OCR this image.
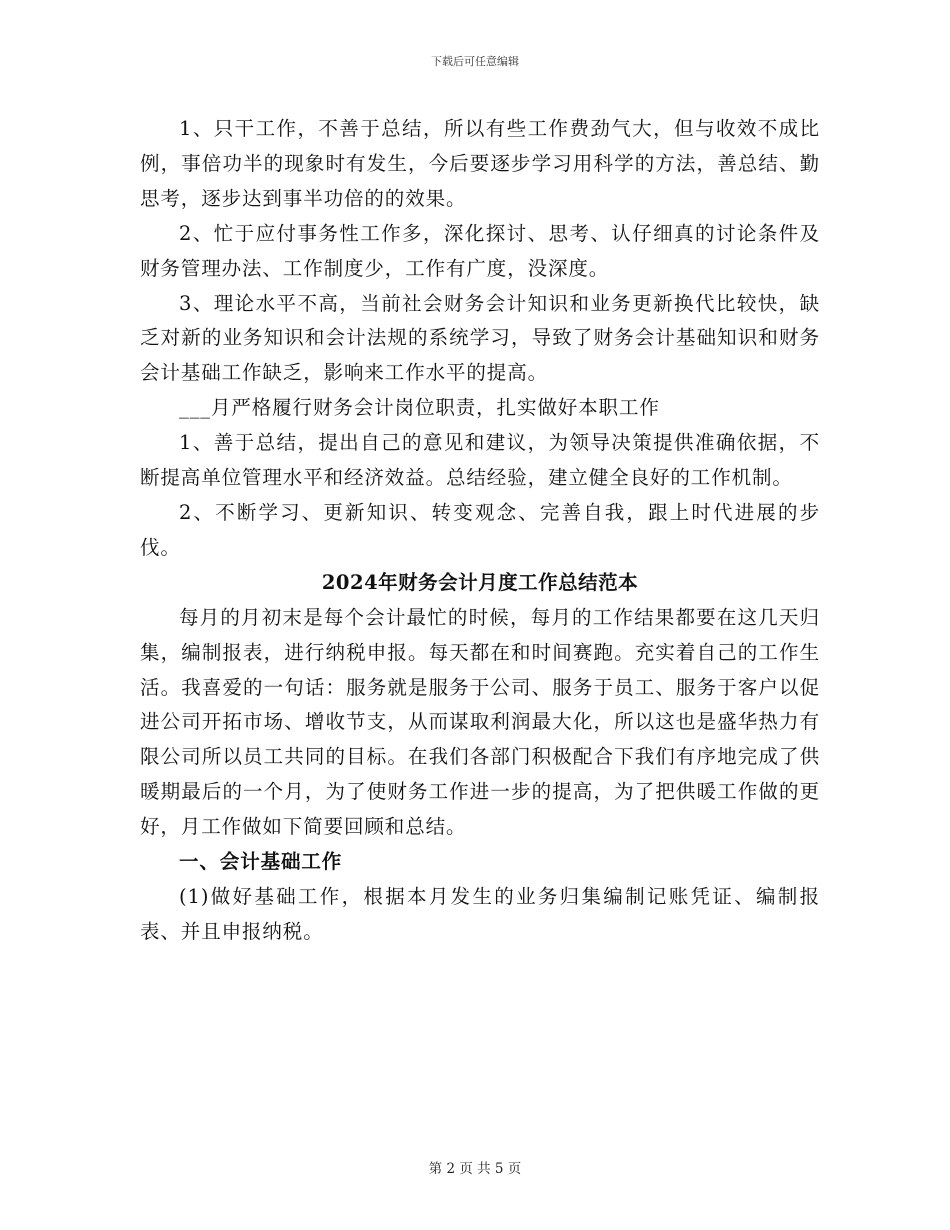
下载后可任意编辑

1、只干工作，不善于总结，所以有些工作费劲气大，但与收效不成比例，事倍功半的现象时有发生，今后要逐步学习用科学的方法，善总结、勤思考，逐步达到事半功倍的的效果。

2、忙于应付事务性工作多，深化探讨、思考、认仔细真的讨论条件及财务管理办法、工作制度少，工作有广度，没深度。

3、理论水平不高，当前社会财务会计知识和业务更新换代比较快，缺乏对新的业务知识和会计法规的系统学习，导致了财务会计基础知识和财务会计基础工作缺乏，影响来工作水平的提高。

___月严格履行财务会计岗位职责，扎实做好本职工作

1、善于总结，提出自己的意见和建议，为领导决策提供准确依据，不断提高单位管理水平和经济效益。总结经验，建立健全良好的工作机制。

2、不断学习、更新知识、转变观念、完善自我，跟上时代进展的步伐。

2024年财务会计月度工作总结范本

每月的月初末是每个会计最忙的时候，每月的工作结果都要在这几天归集，编制报表，进行纳税申报。每天都在和时间赛跑。充实着自己的工作生活。我喜爱的一句话：服务就是服务于公司、服务于员工、服务于客户以促进公司开拓市场、增收节支，从而谋取利润最大化，所以这也是盛华热力有限公司所以员工共同的目标。在我们各部门积极配合下我们有序地完成了供暖期最后的一个月，为了使财务工作进一步的提高，为了把供暖工作做的更好，月工作做如下简要回顾和总结。

一、会计基础工作

(1)做好基础工作，根据本月发生的业务归集编制记账凭证、编制报表、并且申报纳税。

第 2 页 共 5 页
